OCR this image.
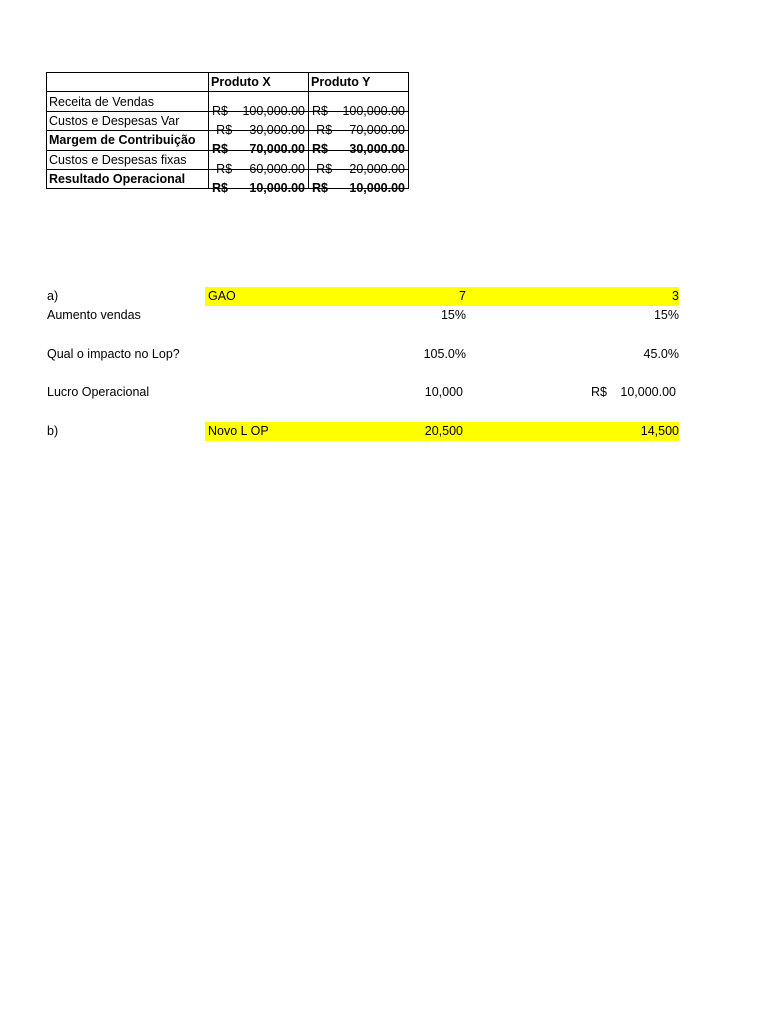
	Produto X	Produto Y
Receita de Vendas	R$ 100,000.00	R$ 100,000.00

Custos e Despesas Var	-R$ 30,000.00	-R$ 70,000.00

Margem de Contribuição	R$ 70,000.00	R$ 30,000.00

Custos e Despesas fixas	-R$ 60,000.00	-R$ 20,000.00

Resultado Operacional	R$ 10,000.00	R$ 10,000.00
a)	GAO	7	3
Aumento vendas	15%	15%
Qual o impacto no Lop?	105.0%	45.0%
Lucro Operacional	10,000	R$	10,000.00
b)	Novo L OP	20,500	14,500
